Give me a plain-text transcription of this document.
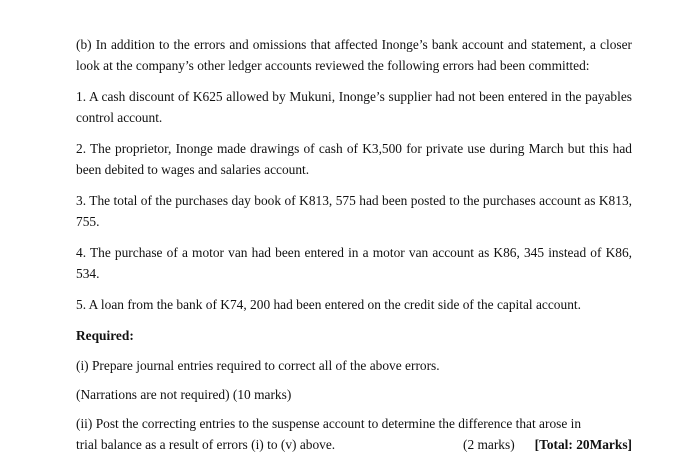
(b) In addition to the errors and omissions that affected Inonge’s bank account and statement, a closer look at the company’s other ledger accounts reviewed the following errors had been committed:

1. A cash discount of K625 allowed by Mukuni, Inonge’s supplier had not been entered in the payables control account.

2. The proprietor, Inonge made drawings of cash of K3,500 for private use during March but this had been debited to wages and salaries account.

3. The total of the purchases day book of K813, 575 had been posted to the purchases account as K813, 755.

4. The purchase of a motor van had been entered in a motor van account as K86, 345 instead of K86, 534.

5. A loan from the bank of K74, 200 had been entered on the credit side of the capital account.

Required:

(i) Prepare journal entries required to correct all of the above errors.

(Narrations are not required) (10 marks)

(ii) Post the correcting entries to the suspense account to determine the difference that arose in
trial balance as a result of errors (i) to (v) above.	(2 marks) [Total: 20Marks]
